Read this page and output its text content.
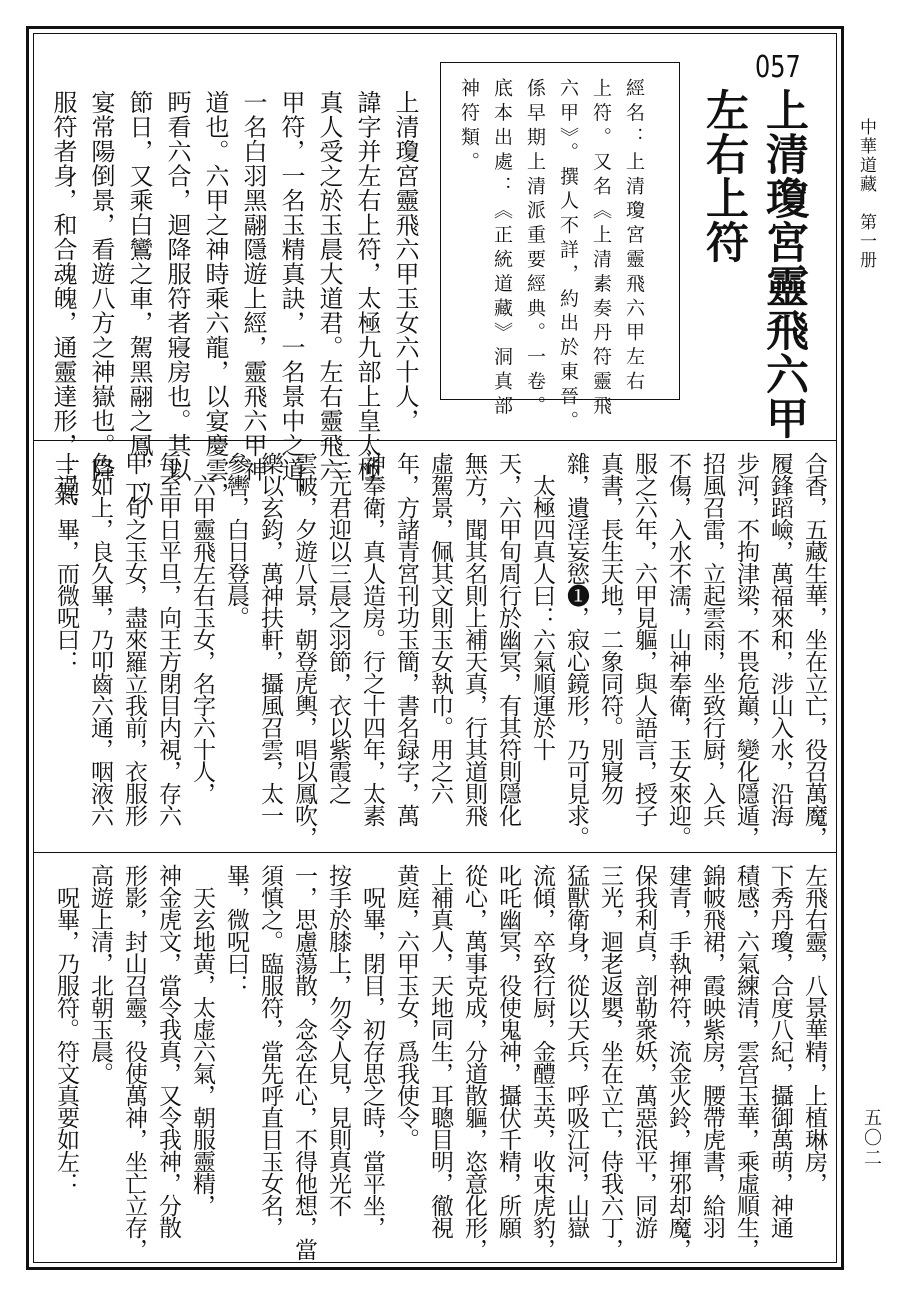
中華道藏　第一册
五〇二
057
上清瓊宮靈飛六甲
左右上符
經名：上清瓊宮靈飛六甲左右
上符。又名《上清素奏丹符靈飛
六甲》。撰人不詳，約出於東晉。
係早期上清派重要經典。一卷。
底本出處：《正統道藏》洞真部
神符類。
上清瓊宮靈飛六甲玉女六十人，
諱字并左右上符，太極九部上皇太極
真人受之於玉晨大道君。左右靈飛六
甲符，一名玉精真訣，一名景中之道，
一名白羽黑翮隱遊上經，靈飛六甲神
道也。六甲之神時乘六龍，以宴慶雲，
眄看六合，迴降服符者寢房也。其以
節日，又乘白鸞之車，駕黑翮之鳳，以
宴常陽倒景，看遊八方之神嶽也。降
服符者身，和合魂魄，通靈達形，三氣
合香，五藏生華，坐在立亡，役召萬魔，
履鋒蹈嶮，萬福來和，涉山入水，沿海
步河，不拘津梁，不畏危巔，變化隱遁，
招風召雷，立起雲雨，坐致行厨，入兵
不傷，入水不濡，山神奉衛，玉女來迎。
服之六年，六甲見軀，與人語言，授子
真書，長生天地，二象同符。別寢勿
雜，遺淫妄慾❶，寂心鏡形，乃可見求。
　太極四真人曰：六氣順運於十
天，六甲旬周行於幽冥，有其符則隱化
無方，聞其名則上補天真，行其道則飛
虛駕景，佩其文則玉女執巾。用之六
年，方諸青宮刊功玉簡，書名録字，萬
神奉衛，真人造房。行之十四年，太素
三元君迎以三晨之羽節，衣以紫霞之
雲帔，夕遊八景，朝登虎輿，唱以鳳吹，
樂以玄鈞，萬神扶軒，攝風召雲，太一
參轡，白日登晨。
　六甲靈飛左右玉女，名字六十人，
每至甲日平旦，向王方閉目内視，存六
甲一旬之玉女，盡來羅立我前，衣服形
色如上，良久畢，乃叩齒六通，咽液六
十過，畢，而微呪曰：
左飛右靈，八景華精，上植琳房，
下秀丹瓊，合度八紀，攝御萬萌，神通
積感，六氣練清，雲宫玉華，乘虛順生，
錦帔飛裙，霞映紫房，腰帶虎書，給羽
建青，手執神符，流金火鈴，揮邪却魔，
保我利貞，剖勒衆妖，萬惡泯平，同游
三光，迴老返嬰，坐在立亡，侍我六丁，
猛獸衛身，從以天兵，呼吸江河，山嶽
流傾，卒致行厨，金醴玉英，收束虎豹，
叱吒幽冥，役使鬼神，攝伏千精，所願
從心，萬事克成，分道散軀，恣意化形，
上補真人，天地同生，耳聰目明，徹視
黄庭，六甲玉女，爲我使令。
　呪畢，閉目，初存思之時，當平坐，
按手於膝上，勿令人見，見則真光不
一，思慮蕩散，念念在心，不得他想，當
須慎之。臨服符，當先呼直日玉女名，
畢，微呪曰：
　天玄地黄，太虚六氣，朝服靈精，
神金虎文，當令我真，又令我神，分散
形影，封山召靈，役使萬神，坐亡立存，
高遊上清，北朝玉晨。
　呪畢，乃服符。符文真要如左：
